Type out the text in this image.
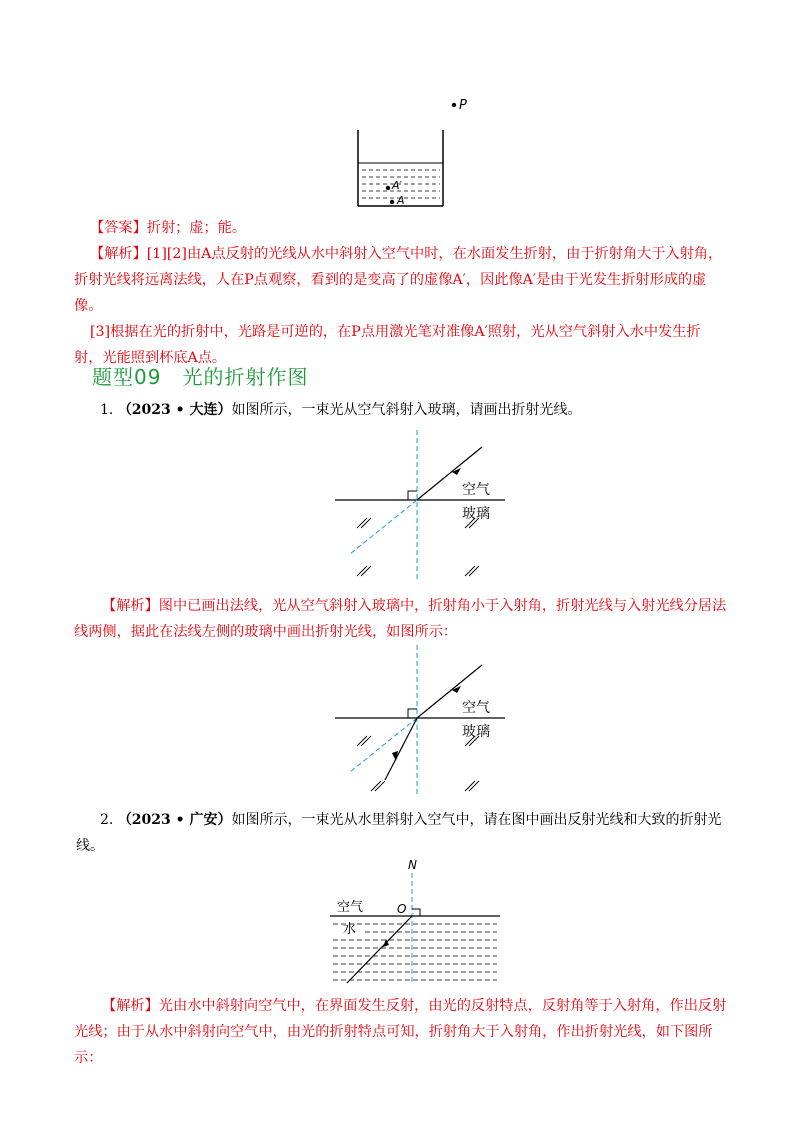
P
A′
A
【答案】折射；虚；能。
【解析】[1][2]由A点反射的光线从水中斜射入空气中时，在水面发生折射，由于折射角大于入射角，
折射光线将远离法线，人在P点观察，看到的是变高了的虚像A′，因此像A′是由于光发生折射形成的虚
像。
[3]根据在光的折射中，光路是可逆的，在P点用激光笔对准像A′照射，光从空气斜射入水中发生折
射，光能照到杯底A点。
题型09　光的折射作图
1. （2023 • 大连）如图所示，一束光从空气斜射入玻璃，请画出折射光线。
空气
玻璃
【解析】图中已画出法线，光从空气斜射入玻璃中，折射角小于入射角，折射光线与入射光线分居法
线两侧，据此在法线左侧的玻璃中画出折射光线，如图所示：
空气
玻璃
2. （2023 • 广安）如图所示，一束光从水里斜射入空气中，请在图中画出反射光线和大致的折射光
线。
N
O
空气
水
【解析】光由水中斜射向空气中，在界面发生反射，由光的反射特点，反射角等于入射角，作出反射
光线；由于从水中斜射向空气中，由光的折射特点可知，折射角大于入射角，作出折射光线，如下图所示：
